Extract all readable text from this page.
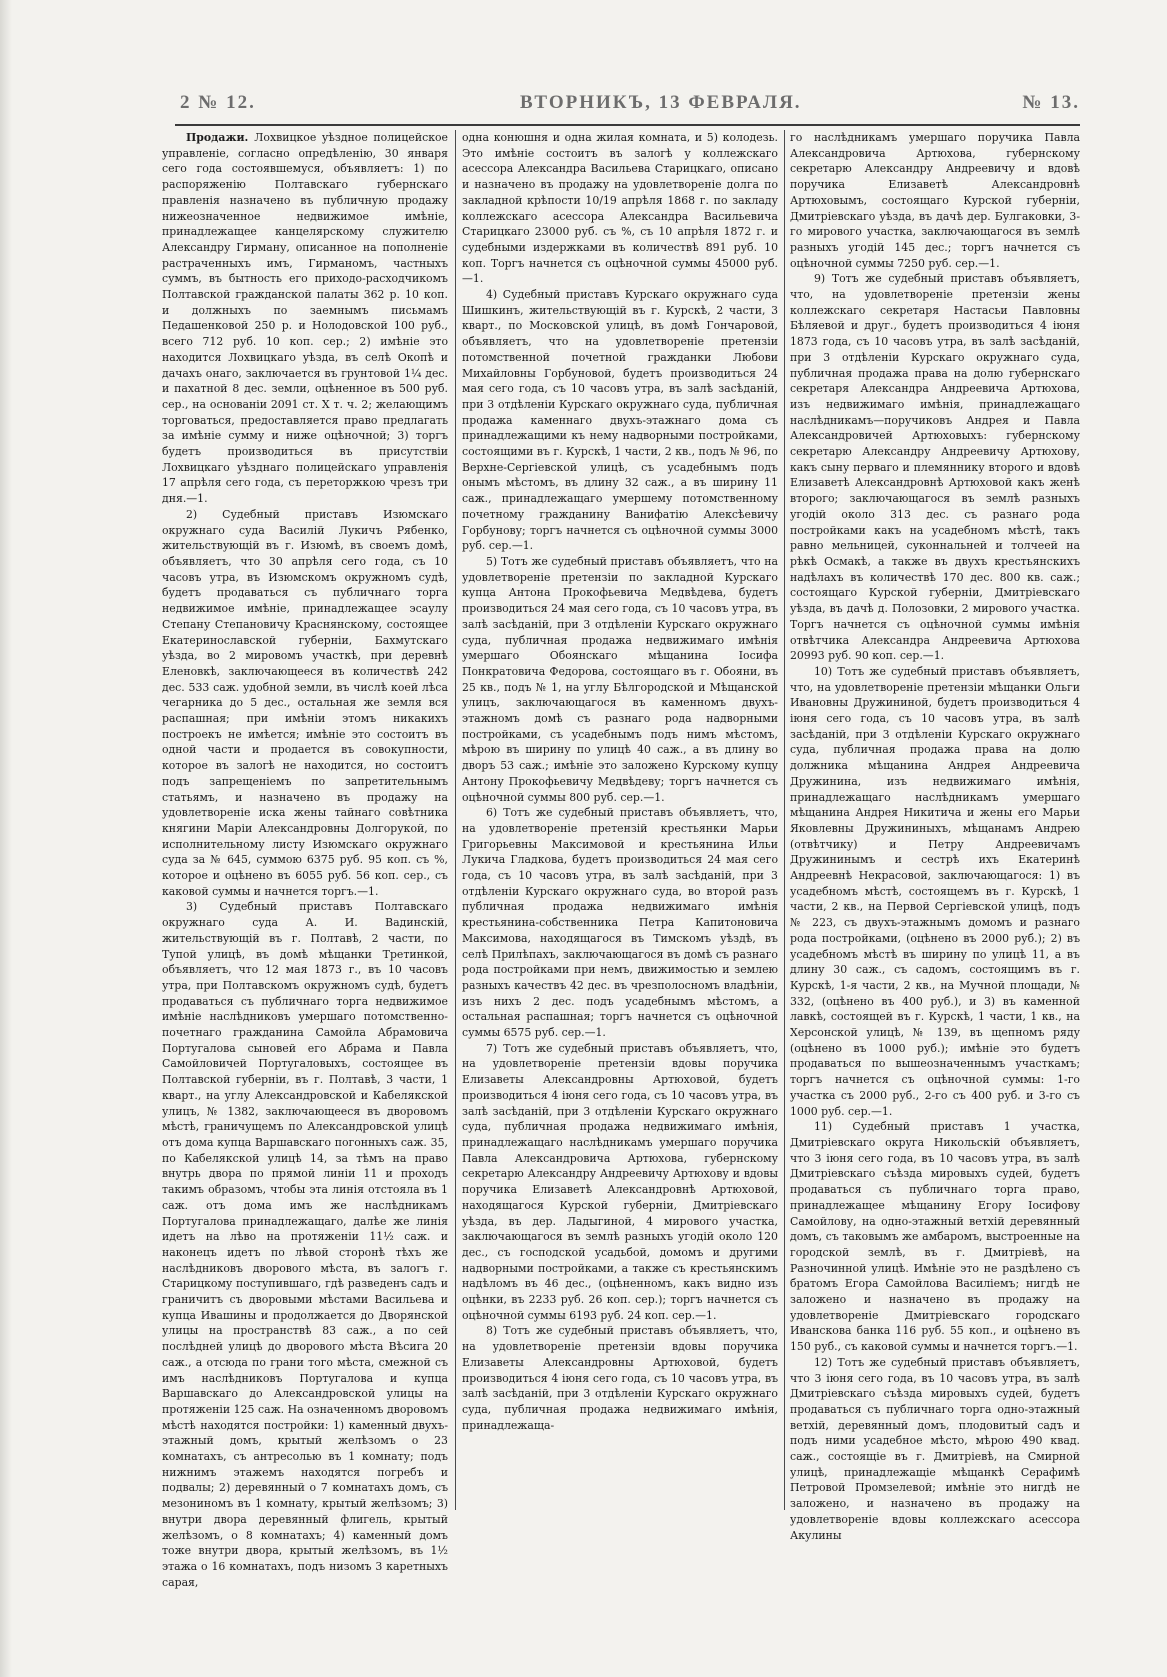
2 № 12.	ВТОРНИКЪ, 13 ФЕВРАЛЯ.	№ 13.

Продажи. Лохвицкое уѣздное полицейское управленіе, согласно опредѣленію, 30 января сего года состоявшемуся, объявляетъ: 1) по распоряженію Полтавскаго губернскаго правленія назначено въ публичную продажу нижеозначенное недвижимое имѣніе, принадлежащее канцелярскому служителю Александру Гирману, описанное на пополненіе растраченныхъ имъ, Гирманомъ, частныхъ суммъ, въ бытность его приходо-расходчикомъ Полтавской гражданской палаты 362 р. 10 коп. и должныхъ по заемнымъ письмамъ Педашенковой 250 р. и Нолодовской 100 руб., всего 712 руб. 10 коп. сер.; 2) имѣніе это находится Лохвицкаго уѣзда, въ селѣ Окопѣ и дачахъ онаго, заключается въ грунтовой 1¼ дес. и пахатной 8 дес. земли, оцѣненное въ 500 руб. сер., на основаніи 2091 ст. X т. ч. 2; желающимъ торговаться, предоставляется право предлагать за имѣніе сумму и ниже оцѣночной; 3) торгъ будетъ производиться въ присутствіи Лохвицкаго уѣзднаго полицейскаго управленія 17 апрѣля сего года, съ переторжкою чрезъ три дня.—1.

2) Судебный приставъ Изюмскаго окружнаго суда Василій Лукичъ Рябенко, жительствующій въ г. Изюмѣ, въ своемъ домѣ, объявляетъ, что 30 апрѣля сего года, съ 10 часовъ утра, въ Изюмскомъ окружномъ судѣ, будетъ продаваться съ публичнаго торга недвижимое имѣніе, принадлежащее эсаулу Степану Степановичу Краснянскому, состоящее Екатеринославской губерніи, Бахмутскаго уѣзда, во 2 мировомъ участкѣ, при деревнѣ Еленовкѣ, заключающееся въ количествѣ 242 дес. 533 саж. удобной земли, въ числѣ коей лѣса чегарника до 5 дес., остальная же земля вся распашная; при имѣніи этомъ никакихъ построекъ не имѣется; имѣніе это состоитъ въ одной части и продается въ совокупности, которое въ залогѣ не находится, но состоитъ подъ запрещеніемъ по запретительнымъ статьямъ, и назначено въ продажу на удовлетвореніе иска жены тайнаго совѣтника княгини Маріи Александровны Долгорукой, по исполнительному листу Изюмскаго окружнаго суда за № 645, суммою 6375 руб. 95 коп. съ %, которое и оцѣнено въ 6055 руб. 56 коп. сер., съ каковой суммы и начнется торгъ.—1.

3) Судебный приставъ Полтавскаго окружнаго суда А. И. Вадинскій, жительствующій въ г. Полтавѣ, 2 части, по Тупой улицѣ, въ домѣ мѣщанки Третинкой, объявляетъ, что 12 мая 1873 г., въ 10 часовъ утра, при Полтавскомъ окружномъ судѣ, будетъ продаваться съ публичнаго торга недвижимое имѣніе наслѣдниковъ умершаго потомственно-почетнаго гражданина Самойла Абрамовича Португалова сыновей его Абрама и Павла Самойловичей Португаловыхъ, состоящее въ Полтавской губерніи, въ г. Полтавѣ, 3 части, 1 кварт., на углу Александровской и Кабелякской улицъ, № 1382, заключающееся въ дворовомъ мѣстѣ, граничущемъ по Александровской улицѣ отъ дома купца Варшавскаго погонныхъ саж. 35, по Кабелякской улицѣ 14, за тѣмъ на право внутрь двора по прямой линіи 11 и проходъ такимъ образомъ, чтобы эта линія отстояла въ 1 саж. отъ дома имъ же наслѣдникамъ Португалова принадлежащаго, далѣе же линія идетъ на лѣво на протяженіи 11½ саж. и наконецъ идетъ по лѣвой сторонѣ тѣхъ же наслѣдниковъ дворового мѣста, въ залогъ г. Старицкому поступившаго, гдѣ разведенъ садъ и граничитъ съ дворовыми мѣстами Васильева и купца Ивашины и продолжается до Дворянской улицы на пространствѣ 83 саж., а по сей послѣдней улицѣ до дворового мѣста Вѣсига 20 саж., а отсюда по грани того мѣста, смежной съ имъ наслѣдниковъ Португалова и купца Варшавскаго до Александровской улицы на протяженіи 125 саж. На означенномъ дворовомъ мѣстѣ находятся постройки: 1) каменный двухъ-этажный домъ, крытый желѣзомъ о 23 комнатахъ, съ антресолью въ 1 комнату; подъ нижнимъ этажемъ находятся погребъ и подвалы; 2) деревянный о 7 комнатахъ домъ, съ мезониномъ въ 1 комнату, крытый желѣзомъ; 3) внутри двора деревянный флигель, крытый желѣзомъ, о 8 комнатахъ; 4) каменный домъ тоже внутри двора, крытый желѣзомъ, въ 1½ этажа о 16 комнатахъ, подъ низомъ 3 каретныхъ сарая,

одна конюшня и одна жилая комната, и 5) колодезь. Это имѣніе состоитъ въ залогѣ у коллежскаго асессора Александра Васильева Старицкаго, описано и назначено въ продажу на удовлетвореніе долга по закладной крѣпости 10/19 апрѣля 1868 г. по закладу коллежскаго асессора Александра Васильевича Старицкаго 23000 руб. съ %, съ 10 апрѣля 1872 г. и судебными издержками въ количествѣ 891 руб. 10 коп. Торгъ начнется съ оцѣночной суммы 45000 руб.—1.

4) Судебный приставъ Курскаго окружнаго суда Шишкинъ, жительствующій въ г. Курскѣ, 2 части, 3 кварт., по Московской улицѣ, въ домѣ Гончаровой, объявляетъ, что на удовлетвореніе претензіи потомственной почетной гражданки Любови Михайловны Горбуновой, будетъ производиться 24 мая сего года, съ 10 часовъ утра, въ залѣ засѣданій, при 3 отдѣленіи Курскаго окружнаго суда, публичная продажа каменнаго двухъ-этажнаго дома съ принадлежащими къ нему надворными постройками, состоящими въ г. Курскѣ, 1 части, 2 кв., подъ № 96, по Верхне-Сергіевской улицѣ, съ усадебнымъ подъ онымъ мѣстомъ, въ длину 32 саж., а въ ширину 11 саж., принадлежащаго умершему потомственному почетному гражданину Ванифатію Алексѣевичу Горбунову; торгъ начнется съ оцѣночной суммы 3000 руб. сер.—1.

5) Тотъ же судебный приставъ объявляетъ, что на удовлетвореніе претензіи по закладной Курскаго купца Антона Прокофьевича Медвѣдева, будетъ производиться 24 мая сего года, съ 10 часовъ утра, въ залѣ засѣданій, при 3 отдѣленіи Курскаго окружнаго суда, публичная продажа недвижимаго имѣнія умершаго Обоянскаго мѣщанина Іосифа Понкратовича Федорова, состоящаго въ г. Обояни, въ 25 кв., подъ № 1, на углу Бѣлгородской и Мѣщанской улицъ, заключающагося въ каменномъ двухъ-этажномъ домѣ съ разнаго рода надворными постройками, съ усадебнымъ подъ нимъ мѣстомъ, мѣрою въ ширину по улицѣ 40 саж., а въ длину во дворъ 53 саж.; имѣніе это заложено Курскому купцу Антону Прокофьевичу Медвѣдеву; торгъ начнется съ оцѣночной суммы 800 руб. сер.—1.

6) Тотъ же судебный приставъ объявляетъ, что, на удовлетвореніе претензій крестьянки Марьи Григорьевны Максимовой и крестьянина Ильи Лукича Гладкова, будетъ производиться 24 мая сего года, съ 10 часовъ утра, въ залѣ засѣданій, при 3 отдѣленіи Курскаго окружнаго суда, во второй разъ публичная продажа недвижимаго имѣнія крестьянина-собственника Петра Капитоновича Максимова, находящагося въ Тимскомъ уѣздѣ, въ селѣ Прилѣпахъ, заключающагося въ домѣ съ разнаго рода постройками при немъ, движимостью и землею разныхъ качествъ 42 дес. въ чрезполосномъ владѣніи, изъ нихъ 2 дес. подъ усадебнымъ мѣстомъ, а остальная распашная; торгъ начнется съ оцѣночной суммы 6575 руб. сер.—1.

7) Тотъ же судебный приставъ объявляетъ, что, на удовлетвореніе претензіи вдовы поручика Елизаветы Александровны Артюховой, будетъ производиться 4 іюня сего года, съ 10 часовъ утра, въ залѣ засѣданій, при 3 отдѣленіи Курскаго окружнаго суда, публичная продажа недвижимаго имѣнія, принадлежащаго наслѣдникамъ умершаго поручика Павла Александровича Артюхова, губернскому секретарю Александру Андреевичу Артюхову и вдовы поручика Елизаветѣ Александровнѣ Артюховой, находящагося Курской губерніи, Дмитріевскаго уѣзда, въ дер. Ладыгиной, 4 мирового участка, заключающагося въ землѣ разныхъ угодій около 120 дес., съ господской усадьбой, домомъ и другими надворными постройками, а также съ крестьянскимъ надѣломъ въ 46 дес., (оцѣненномъ, какъ видно изъ оцѣнки, въ 2233 руб. 26 коп. сер.); торгъ начнется съ оцѣночной суммы 6193 руб. 24 коп. сер.—1.

8) Тотъ же судебный приставъ объявляетъ, что, на удовлетвореніе претензіи вдовы поручика Елизаветы Александровны Артюховой, будетъ производиться 4 іюня сего года, съ 10 часовъ утра, въ залѣ засѣданій, при 3 отдѣленіи Курскаго окружнаго суда, публичная продажа недвижимаго имѣнія, принадлежаща-

го наслѣдникамъ умершаго поручика Павла Александровича Артюхова, губернскому секретарю Александру Андреевичу и вдовѣ поручика Елизаветѣ Александровнѣ Артюховымъ, состоящаго Курской губерніи, Дмитріевскаго уѣзда, въ дачѣ дер. Булгаковки, 3-го мирового участка, заключающагося въ землѣ разныхъ угодій 145 дес.; торгъ начнется съ оцѣночной суммы 7250 руб. сер.—1.

9) Тотъ же судебный приставъ объявляетъ, что, на удовлетвореніе претензіи жены коллежскаго секретаря Настасьи Павловны Бѣляевой и друг., будетъ производиться 4 іюня 1873 года, съ 10 часовъ утра, въ залѣ засѣданій, при 3 отдѣленіи Курскаго окружнаго суда, публичная продажа права на долю губернскаго секретаря Александра Андреевича Артюхова, изъ недвижимаго имѣнія, принадлежащаго наслѣдникамъ—поручиковъ Андрея и Павла Александровичей Артюховыхъ: губернскому секретарю Александру Андреевичу Артюхову, какъ сыну перваго и племяннику второго и вдовѣ Елизаветѣ Александровнѣ Артюховой какъ женѣ второго; заключающагося въ землѣ разныхъ угодій около 313 дес. съ разнаго рода постройками какъ на усадебномъ мѣстѣ, такъ равно мельницей, суконнальней и толчеей на рѣкѣ Осмакѣ, а также въ двухъ крестьянскихъ надѣлахъ въ количествѣ 170 дес. 800 кв. саж.; состоящаго Курской губерніи, Дмитріевскаго уѣзда, въ дачѣ д. Полозовки, 2 мирового участка. Торгъ начнется съ оцѣночной суммы имѣнія отвѣтчика Александра Андреевича Артюхова 20993 руб. 90 коп. сер.—1.

10) Тотъ же судебный приставъ объявляетъ, что, на удовлетвореніе претензіи мѣщанки Ольги Ивановны Дружининой, будетъ производиться 4 іюня сего года, съ 10 часовъ утра, въ залѣ засѣданій, при 3 отдѣленіи Курскаго окружнаго суда, публичная продажа права на долю должника мѣщанина Андрея Андреевича Дружинина, изъ недвижимаго имѣнія, принадлежащаго наслѣдникамъ умершаго мѣщанина Андрея Никитича и жены его Марьи Яковлевны Дружининыхъ, мѣщанамъ Андрею (отвѣтчику) и Петру Андреевичамъ Дружининымъ и сестрѣ ихъ Екатеринѣ Андреевнѣ Некрасовой, заключающагося: 1) въ усадебномъ мѣстѣ, состоящемъ въ г. Курскѣ, 1 части, 2 кв., на Первой Сергіевской улицѣ, подъ № 223, съ двухъ-этажнымъ домомъ и разнаго рода постройками, (оцѣнено въ 2000 руб.); 2) въ усадебномъ мѣстѣ въ ширину по улицѣ 11, а въ длину 30 саж., съ садомъ, состоящимъ въ г. Курскѣ, 1-я части, 2 кв., на Мучной площади, № 332, (оцѣнено въ 400 руб.), и 3) въ каменной лавкѣ, состоящей въ г. Курскѣ, 1 части, 1 кв., на Херсонской улицѣ, № 139, въ щепномъ ряду (оцѣнено въ 1000 руб.); имѣніе это будетъ продаваться по вышеозначеннымъ участкамъ; торгъ начнется съ оцѣночной суммы: 1-го участка съ 2000 руб., 2-го съ 400 руб. и 3-го съ 1000 руб. сер.—1.

11) Судебный приставъ 1 участка, Дмитріевскаго округа Никольскій объявляетъ, что 3 іюня сего года, въ 10 часовъ утра, въ залѣ Дмитріевскаго съѣзда мировыхъ судей, будетъ продаваться съ публичнаго торга право, принадлежащее мѣщанину Егору Іосифову Самойлову, на одно-этажный ветхій деревянный домъ, съ таковымъ же амбаромъ, выстроенные на городской землѣ, въ г. Дмитріевѣ, на Разночинной улицѣ. Имѣніе это не раздѣлено съ братомъ Егора Самойлова Василіемъ; нигдѣ не заложено и назначено въ продажу на удовлетвореніе Дмитріевскаго городскаго Иванскова банка 116 руб. 55 коп., и оцѣнено въ 150 руб., съ каковой суммы и начнется торгъ.—1.

12) Тотъ же судебный приставъ объявляетъ, что 3 іюня сего года, въ 10 часовъ утра, въ залѣ Дмитріевскаго съѣзда мировыхъ судей, будетъ продаваться съ публичнаго торга одно-этажный ветхій, деревянный домъ, плодовитый садъ и подъ ними усадебное мѣсто, мѣрою 490 квад. саж., состоящіе въ г. Дмитріевѣ, на Смирной улицѣ, принадлежащіе мѣщанкѣ Серафимѣ Петровой Промзелевой; имѣніе это нигдѣ не заложено, и назначено въ продажу на удовлетвореніе вдовы коллежскаго асессора Акулины
